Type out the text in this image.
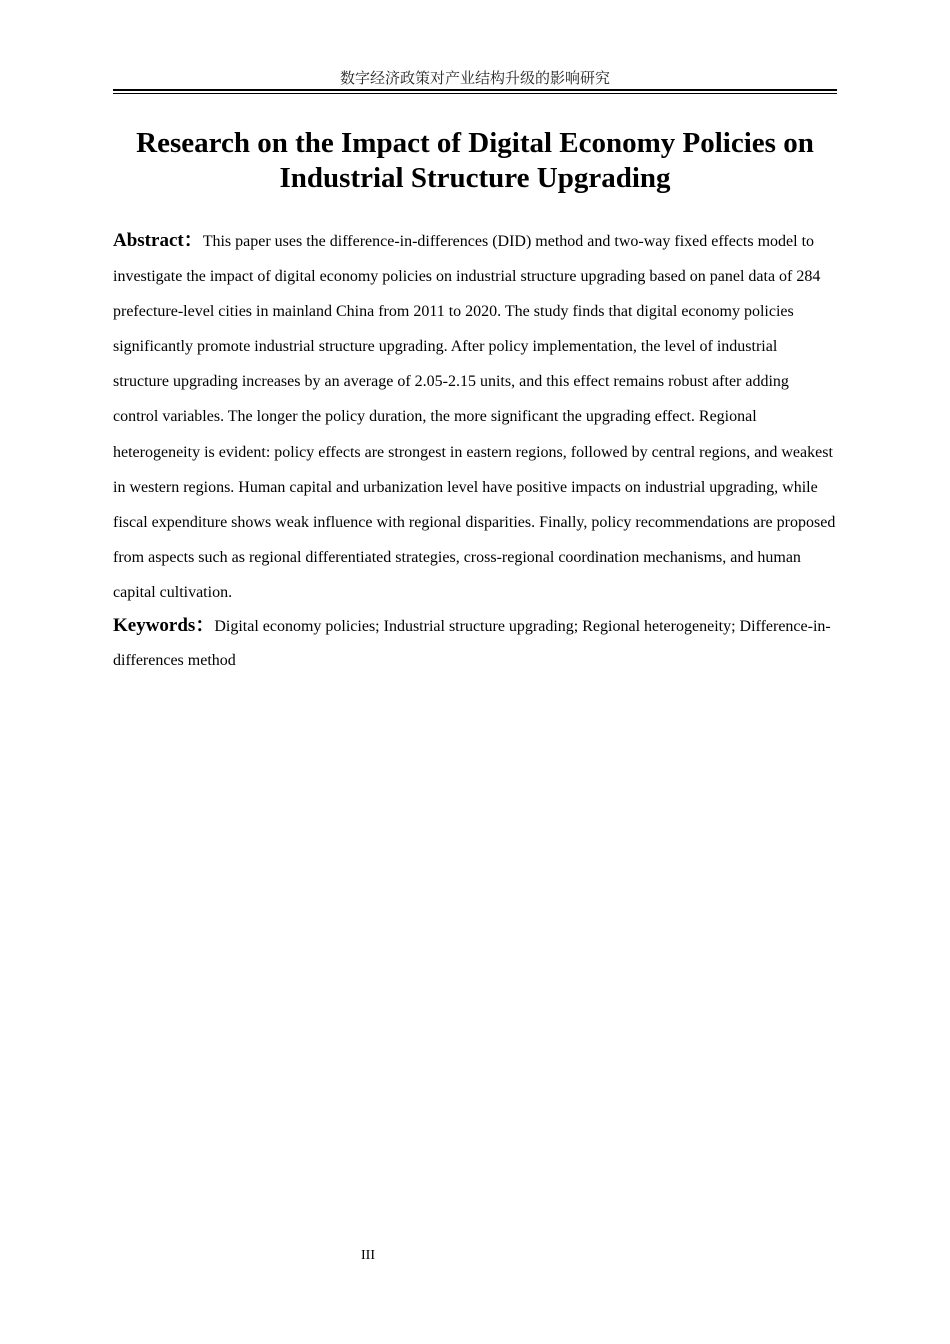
数字经济政策对产业结构升级的影响研究
Research on the Impact of Digital Economy Policies on Industrial Structure Upgrading

Abstract：This paper uses the difference-in-differences (DID) method and two-way fixed effects model to investigate the impact of digital economy policies on industrial structure upgrading based on panel data of 284 prefecture-level cities in mainland China from 2011 to 2020. The study finds that digital economy policies significantly promote industrial structure upgrading. After policy implementation, the level of industrial structure upgrading increases by an average of 2.05-2.15 units, and this effect remains robust after adding control variables. The longer the policy duration, the more significant the upgrading effect. Regional heterogeneity is evident: policy effects are strongest in eastern regions, followed by central regions, and weakest in western regions. Human capital and urbanization level have positive impacts on industrial upgrading, while fiscal expenditure shows weak influence with regional disparities. Finally, policy recommendations are proposed from aspects such as regional differentiated strategies, cross-regional coordination mechanisms, and human capital cultivation.

Keywords：Digital economy policies; Industrial structure upgrading; Regional heterogeneity; Difference-in-differences method

III
